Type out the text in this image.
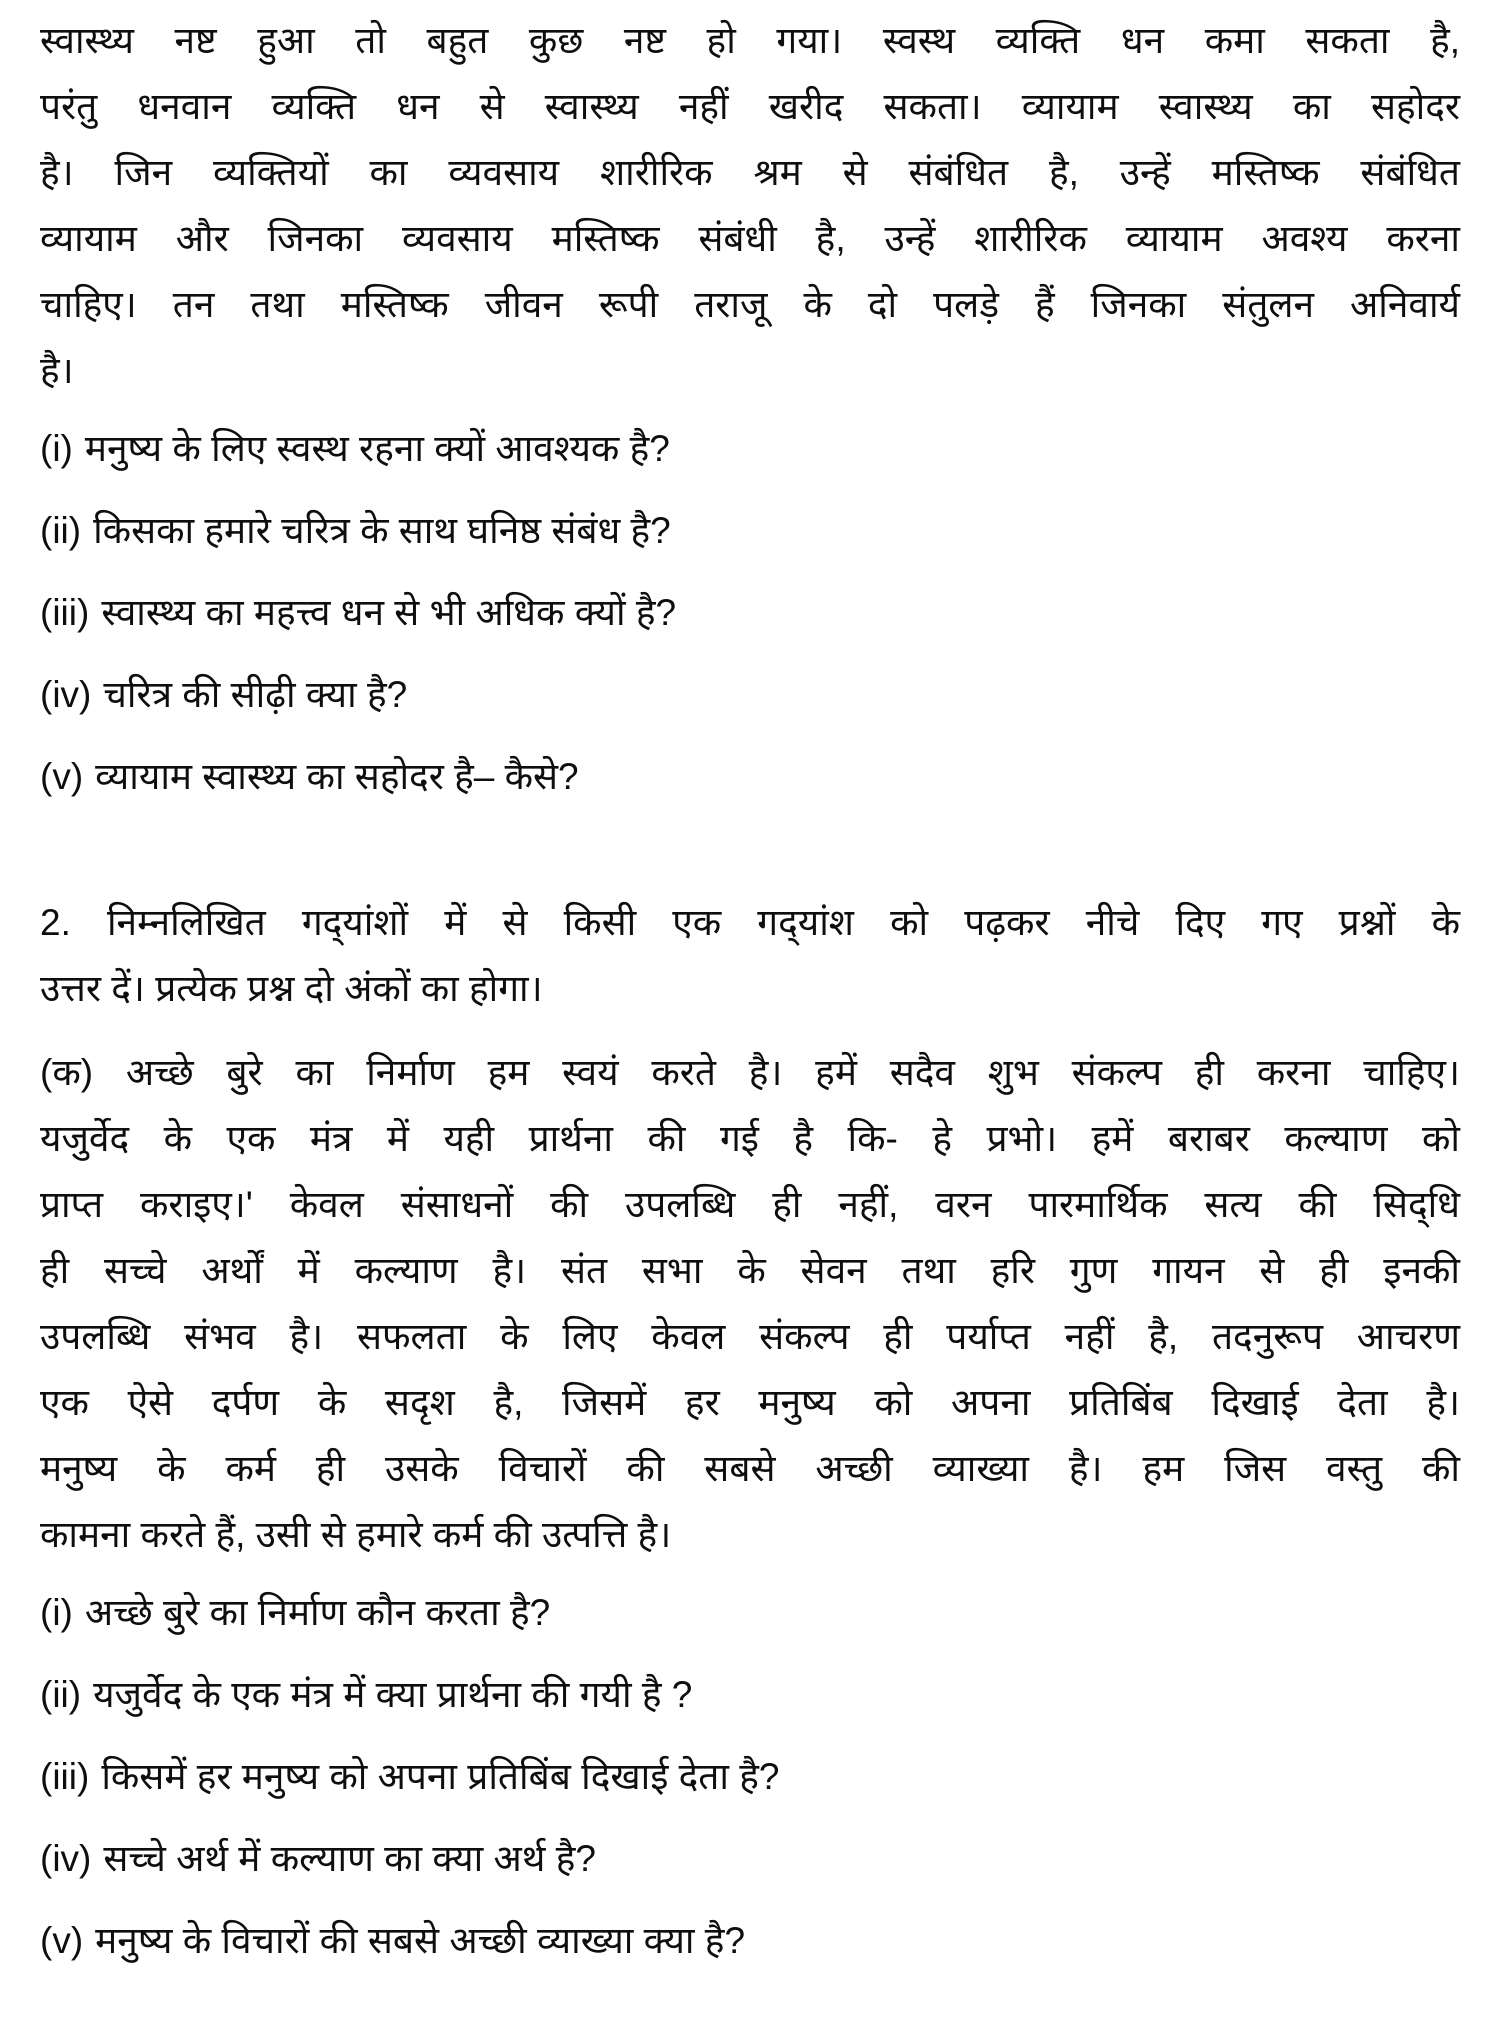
स्वास्थ्य नष्ट हुआ तो बहुत कुछ नष्ट हो गया। स्वस्थ व्यक्ति धन कमा सकता है,
परंतु धनवान व्यक्ति धन से स्वास्थ्य नहीं खरीद सकता। व्यायाम स्वास्थ्य का सहोदर
है। जिन व्यक्तियों का व्यवसाय शारीरिक श्रम से संबंधित है, उन्हें मस्तिष्क संबंधित
व्यायाम और जिनका व्यवसाय मस्तिष्क संबंधी है, उन्हें शारीरिक व्यायाम अवश्य करना
चाहिए। तन तथा मस्तिष्क जीवन रूपी तराजू के दो पलड़े हैं जिनका संतुलन अनिवार्य
है।
(i) मनुष्य के लिए स्वस्थ रहना क्यों आवश्यक है?
(ii) किसका हमारे चरित्र के साथ घनिष्ठ संबंध है?
(iii) स्वास्थ्य का महत्त्व धन से भी अधिक क्यों है?
(iv) चरित्र की सीढ़ी क्या है?
(v) व्यायाम स्वास्थ्य का सहोदर है– कैसे?
2. निम्नलिखित गद्‌यांशों में से किसी एक गद्‌यांश को पढ़कर नीचे दिए गए प्रश्नों के
उत्तर दें। प्रत्येक प्रश्न दो अंकों का होगा।
(क) अच्छे बुरे का निर्माण हम स्वयं करते है। हमें सदैव शुभ संकल्प ही करना चाहिए।
यजुर्वेद के एक मंत्र में यही प्रार्थना की गई है कि- हे प्रभो। हमें बराबर कल्याण को
प्राप्त कराइए।' केवल संसाधनों की उपलब्धि ही नहीं, वरन पारमार्थिक सत्य की सिद्‌धि
ही सच्चे अर्थों में कल्याण है। संत सभा के सेवन तथा हरि गुण गायन से ही इनकी
उपलब्धि संभव है। सफलता के लिए केवल संकल्प ही पर्याप्त नहीं है, तदनुरूप आचरण
एक ऐसे दर्पण के सदृश है, जिसमें हर मनुष्य को अपना प्रतिबिंब दिखाई देता है।
मनुष्य के कर्म ही उसके विचारों की सबसे अच्छी व्याख्या है। हम जिस वस्तु की
कामना करते हैं, उसी से हमारे कर्म की उत्पत्ति है।
(i) अच्छे बुरे का निर्माण कौन करता है?
(ii) यजुर्वेद के एक मंत्र में क्या प्रार्थना की गयी है ?
(iii) किसमें हर मनुष्य को अपना प्रतिबिंब दिखाई देता है?
(iv) सच्चे अर्थ में कल्याण का क्या अर्थ है?
(v) मनुष्य के विचारों की सबसे अच्छी व्याख्या क्या है?
